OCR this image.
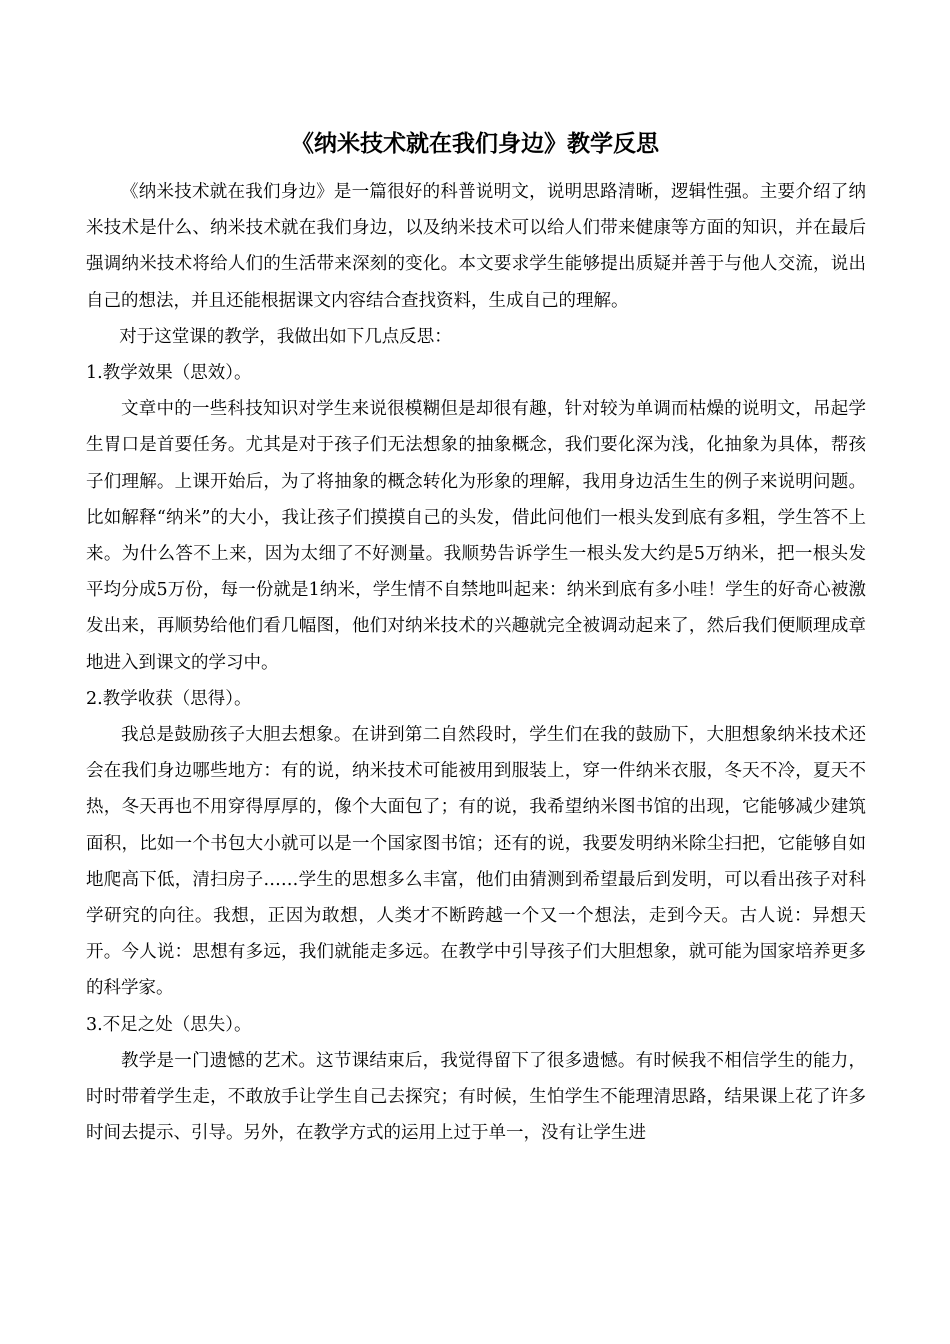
《纳米技术就在我们身边》教学反思

《纳米技术就在我们身边》是一篇很好的科普说明文，说明思路清晰，逻辑性强。主要介绍了纳米技术是什么、纳米技术就在我们身边，以及纳米技术可以给人们带来健康等方面的知识，并在最后强调纳米技术将给人们的生活带来深刻的变化。本文要求学生能够提出质疑并善于与他人交流，说出自己的想法，并且还能根据课文内容结合查找资料，生成自己的理解。

对于这堂课的教学，我做出如下几点反思：

1.教学效果（思效）。

文章中的一些科技知识对学生来说很模糊但是却很有趣，针对较为单调而枯燥的说明文，吊起学生胃口是首要任务。尤其是对于孩子们无法想象的抽象概念，我们要化深为浅，化抽象为具体，帮孩子们理解。上课开始后，为了将抽象的概念转化为形象的理解，我用身边活生生的例子来说明问题。比如解释“纳米”的大小，我让孩子们摸摸自己的头发，借此问他们一根头发到底有多粗，学生答不上来。为什么答不上来，因为太细了不好测量。我顺势告诉学生一根头发大约是5万纳米，把一根头发平均分成5万份，每一份就是1纳米，学生情不自禁地叫起来：纳米到底有多小哇！学生的好奇心被激发出来，再顺势给他们看几幅图，他们对纳米技术的兴趣就完全被调动起来了，然后我们便顺理成章地进入到课文的学习中。

2.教学收获（思得）。

我总是鼓励孩子大胆去想象。在讲到第二自然段时，学生们在我的鼓励下，大胆想象纳米技术还会在我们身边哪些地方：有的说，纳米技术可能被用到服装上，穿一件纳米衣服，冬天不冷，夏天不热，冬天再也不用穿得厚厚的，像个大面包了；有的说，我希望纳米图书馆的出现，它能够减少建筑面积，比如一个书包大小就可以是一个国家图书馆；还有的说，我要发明纳米除尘扫把，它能够自如地爬高下低，清扫房子……学生的思想多么丰富，他们由猜测到希望最后到发明，可以看出孩子对科学研究的向往。我想，正因为敢想，人类才不断跨越一个又一个想法，走到今天。古人说：异想天开。今人说：思想有多远，我们就能走多远。在教学中引导孩子们大胆想象，就可能为国家培养更多的科学家。

3.不足之处（思失）。

教学是一门遗憾的艺术。这节课结束后，我觉得留下了很多遗憾。有时候我不相信学生的能力，时时带着学生走，不敢放手让学生自己去探究；有时候，生怕学生不能理清思路，结果课上花了许多时间去提示、引导。另外，在教学方式的运用上过于单一，没有让学生进
